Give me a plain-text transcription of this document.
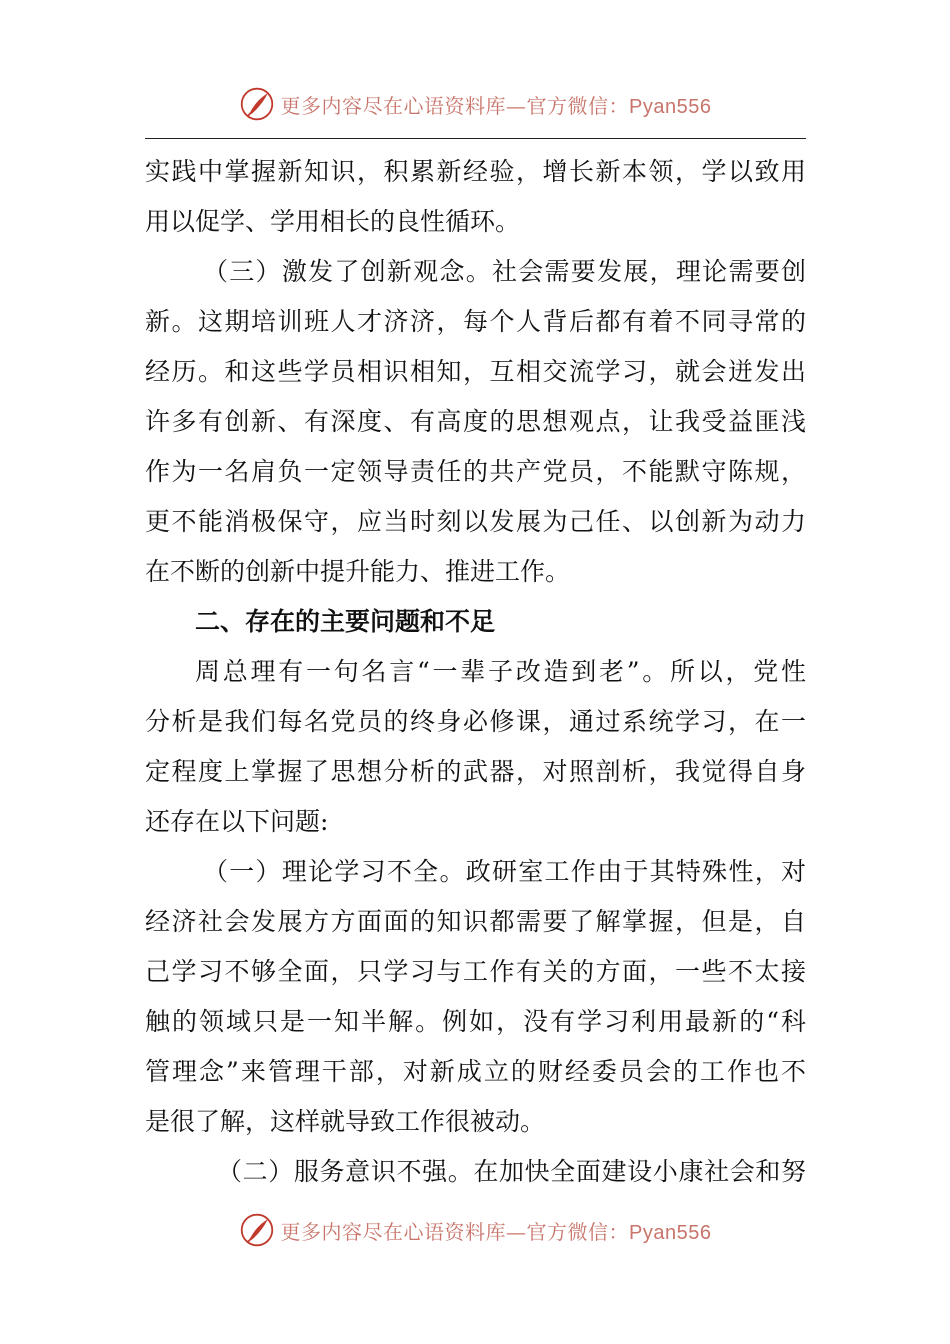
更多内容尽在心语资料库—官方微信：Pyan556
实践中掌握新知识，积累新经验，增长新本领，学以致用
用以促学、学用相长的良性循环。
（三）激发了创新观念。社会需要发展，理论需要创
新。这期培训班人才济济，每个人背后都有着不同寻常的
经历。和这些学员相识相知，互相交流学习，就会迸发出
许多有创新、有深度、有高度的思想观点，让我受益匪浅
作为一名肩负一定领导责任的共产党员，不能默守陈规，
更不能消极保守，应当时刻以发展为己任、以创新为动力
在不断的创新中提升能力、推进工作。
二、存在的主要问题和不足
周总理有一句名言“一辈子改造到老”。所以，党性
分析是我们每名党员的终身必修课，通过系统学习，在一
定程度上掌握了思想分析的武器，对照剖析，我觉得自身
还存在以下问题:
（一）理论学习不全。政研室工作由于其特殊性，对
经济社会发展方方面面的知识都需要了解掌握，但是，自
己学习不够全面，只学习与工作有关的方面，一些不太接
触的领域只是一知半解。例如，没有学习利用最新的“科
管理念”来管理干部，对新成立的财经委员会的工作也不
是很了解，这样就导致工作很被动。
（二）服务意识不强。在加快全面建设小康社会和努
更多内容尽在心语资料库—官方微信：Pyan556
